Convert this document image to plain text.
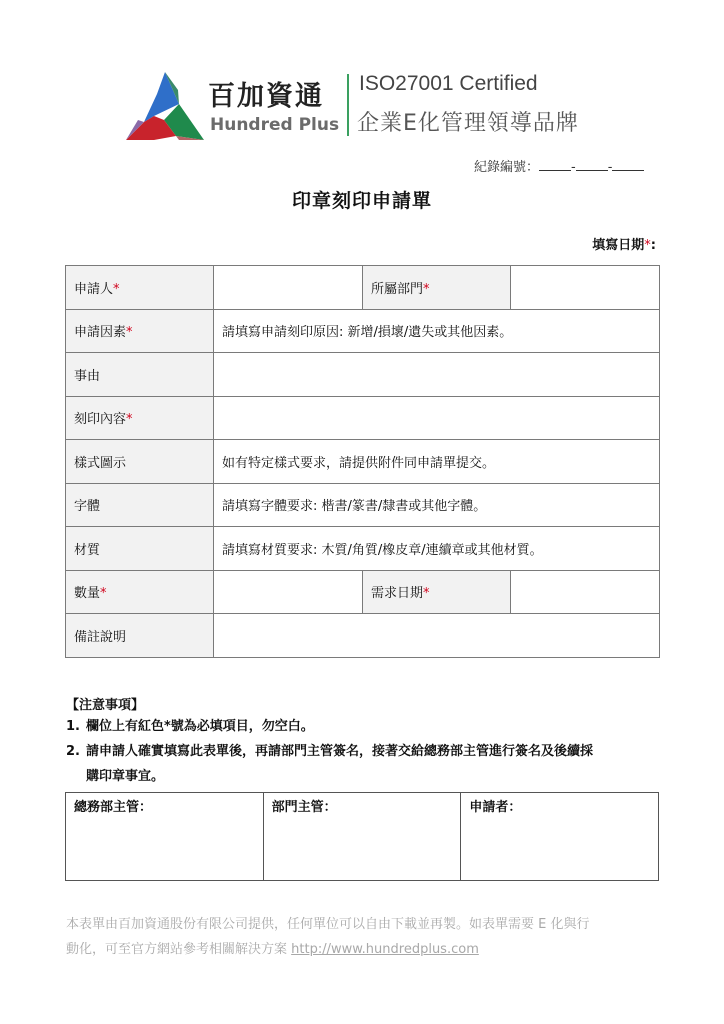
百加資通
Hundred Plus
ISO27001 Certified
企業E化管理領導品牌
紀錄編號： - -
印章刻印申請單
填寫日期*:
申請人*		所屬部門*	
申請因素*	請填寫申請刻印原因: 新增/損壞/遺失或其他因素。		
事由			
刻印內容*			
樣式圖示	如有特定樣式要求，請提供附件同申請單提交。		
字體	請填寫字體要求: 楷書/篆書/隸書或其他字體。		
材質	請填寫材質要求: 木質/角質/橡皮章/連續章或其他材質。		
數量*		需求日期*	
備註說明			
【注意事項】
1. 欄位上有紅色*號為必填項目，勿空白。
2. 請申請人確實填寫此表單後，再請部門主管簽名，接著交給總務部主管進行簽名及後續採
購印章事宜。
總務部主管：	部門主管：	申請者：
本表單由百加資通股份有限公司提供，任何單位可以自由下載並再製。如表單需要 E 化與行
動化，可至官方網站參考相關解決方案 http://www.hundredplus.com
